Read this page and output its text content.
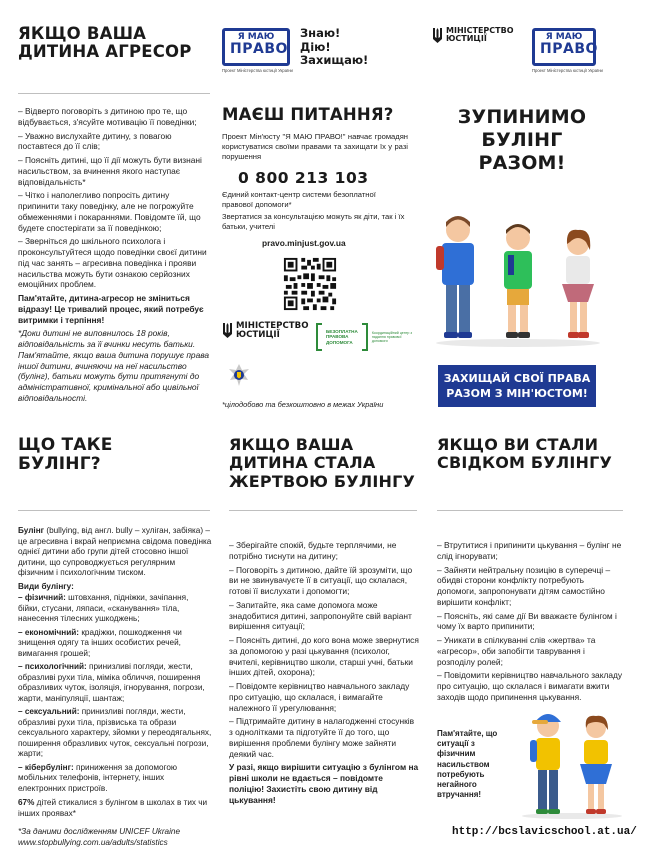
ЯКЩО ВАША ДИТИНА АГРЕСОР

– Відверто поговоріть з дитиною про те, що відбувається, з'ясуйте мотивацію її поведінки;

– Уважно вислухайте дитину, з повагою поставтеся до її слів;

– Поясніть дитині, що її дії можуть бути визнані насильством, за вчинення якого наступає відповідальність*

– Чітко і наполегливо попросіть дитину припинити таку поведінку, але не погрожуйте обмеженнями і покараннями. Повідомте їй, що будете спостерігати за її поведінкою;

– Зверніться до шкільного психолога і проконсультуйтеся щодо поведінки своєї дитини під час занять – агресивна поведінка і прояви насильства можуть бути ознакою серйозних емоційних проблем.

Пам'ятайте, дитина-агресор не зміниться відразу! Це тривалий процес, який потребує витримки і терпіння!

*Доки дитині не виповнилось 18 років, відповідальність за її вчинки несуть батьки. Пам'ятайте, якщо ваша дитина порушує права іншої дитини, вчиняючи на неї насильство (булінг), батьки можуть бути притягнуті до адміністративної, кримінальної або цивільної відповідальності.

Я МАЮ
ПРАВО
Проект Міністерства юстиції України
Знаю!
Дію!
Захищаю!
МАЄШ ПИТАННЯ?
Проект Мін'юсту "Я МАЮ ПРАВО!" навчає громадян користуватися своїми правами та захищати їх у разі порушення
0 800 213 103
Єдиний контакт-центр системи безоплатної правової допомоги*
Звертатися за консультацією можуть як діти, так і їх батьки, учителі
pravo.minjust.gov.ua
МІНІСТЕРСТВО
ЮСТИЦІЇ	БЕЗОПЛАТНА
ПРАВОВА
ДОПОМОГА
Координаційний центр з надання правової допомоги
*цілодобово та безкоштовно в межах України
МІНІСТЕРСТВО
ЮСТИЦІЇ	Я МАЮ
ПРАВО
Проект Міністерства юстиції України
ЗУПИНИМО
БУЛІНГ
РАЗОМ!
ЗАХИЩАЙ СВОЇ ПРАВА
РАЗОМ З МІН'ЮСТОМ!
ЩО ТАКЕ БУЛІНГ?

Булінг (bullying, від англ. bully – хуліган, забіяка) – це агресивна і вкрай неприємна свідома поведінка однієї дитини або групи дітей стосовно іншої дитини, що супроводжується регулярним фізичним і психологічним тиском.

Види булінгу:

– фізичний: штовхання, підніжки, зачіпання, бійки, стусани, ляпаси, «сканування» тіла, нанесення тілесних ушкоджень;

– економічний: крадіжки, пошкодження чи знищення одягу та інших особистих речей, вимагання грошей;

– психологічний: принизливі погляди, жести, образливі рухи тіла, міміка обличчя, поширення образливих чуток, ізоляція, ігнорування, погрози, жарти, маніпуляції, шантаж;

– сексуальний: принизливі погляди, жести, образливі рухи тіла, прізвиська та образи сексуального характеру, зйомки у переодягальнях, поширення образливих чуток, сексуальні погрози, жарти;

– кібербулінг: приниження за допомогою мобільних телефонів, інтернету, інших електронних пристроїв.

67% дітей стикалися з булінгом в школах в тих чи інших проявах*

*За даними дослідженням UNICEF Ukraine

www.stopbullying.com.ua/adults/statistics

ЯКЩО ВАША
ДИТИНА СТАЛА
ЖЕРТВОЮ БУЛІНГУ

– Зберігайте спокій, будьте терплячими, не потрібно тиснути на дитину;

– Поговоріть з дитиною, дайте їй зрозуміти, що ви не звинувачуєте її в ситуації, що склалася, готові її вислухати і допомогти;

– Запитайте, яка саме допомога може знадобитися дитині, запропонуйте свій варіант вирішення ситуації;

– Поясніть дитині, до кого вона може звернутися за допомогою у разі цькування (психолог, вчителі, керівництво школи, старші учні, батьки інших дітей, охорона);

– Повідомте керівництво навчального закладу про ситуацію, що склалася, і вимагайте належного її урегулювання;

– Підтримайте дитину в налагодженні стосунків з однолітками та підготуйте її до того, що вирішення проблеми булінгу може зайняти деякий час.

У разі, якщо вирішити ситуацію з булінгом на рівні школи не вдається – повідомте поліцію! Захистіть свою дитину від цькування!

ЯКЩО ВИ СТАЛИ
СВІДКОМ БУЛІНГУ

– Втрутитися і припинити цькування – булінг не слід ігнорувати;

– Зайняти нейтральну позицію в суперечці – обидві сторони конфлікту потребують допомоги, запропонувати дітям самостійно вирішити конфлікт;

– Поясніть, які саме дії Ви вважаєте булінгом і чому їх варто припинити;

– Уникати в спілкуванні слів «жертва» та «агресор», оби запобігти таврування і розподілу ролей;

– Повідомити керівництво навчального закладу про ситуацію, що склалася і вимагати вжити заходів щодо припинення цькування.

Пам'ятайте, що ситуації з фізичним насильством потребують негайного втручання!
http://bcslavicschool.at.ua/
